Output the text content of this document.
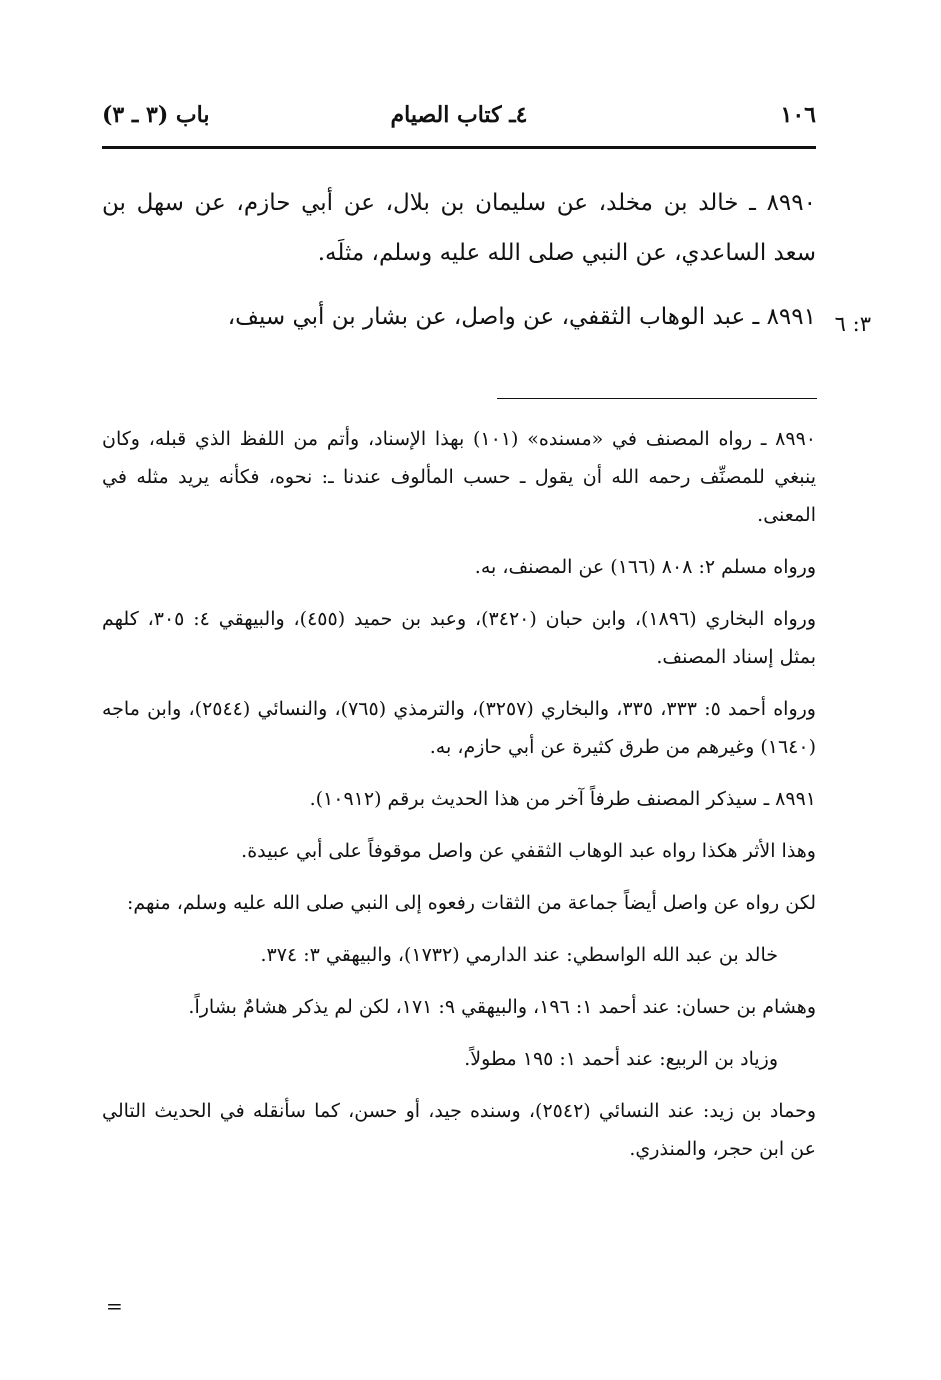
١٠٦
٤ـ كتاب الصيام
باب (٣ ـ ٣)

٨٩٩٠ ـ خالد بن مخلد، عن سليمان بن بلال، عن أبي حازم، عن سهل بن سعد الساعدي، عن النبي صلى الله عليه وسلم، مثلَه.

٨٩٩١ ـ عبد الوهاب الثقفي، عن واصل، عن بشار بن أبي سيف، ٣: ٦

٨٩٩٠ ـ رواه المصنف في «مسنده» (١٠١) بهذا الإسناد، وأتم من اللفظ الذي قبله، وكان ينبغي للمصنِّف رحمه الله أن يقول ـ حسب المألوف عندنا ـ: نحوه، فكأنه يريد مثله في المعنى.

ورواه مسلم ٢: ٨٠٨ (١٦٦) عن المصنف، به.

ورواه البخاري (١٨٩٦)، وابن حبان (٣٤٢٠)، وعبد بن حميد (٤٥٥)، والبيهقي ٤: ٣٠٥، كلهم بمثل إسناد المصنف.

ورواه أحمد ٥: ٣٣٣، ٣٣٥، والبخاري (٣٢٥٧)، والترمذي (٧٦٥)، والنسائي (٢٥٤٤)، وابن ماجه (١٦٤٠) وغيرهم من طرق كثيرة عن أبي حازم، به.

٨٩٩١ ـ سيذكر المصنف طرفاً آخر من هذا الحديث برقم (١٠٩١٢).

وهذا الأثر هكذا رواه عبد الوهاب الثقفي عن واصل موقوفاً على أبي عبيدة.

لكن رواه عن واصل أيضاً جماعة من الثقات رفعوه إلى النبي صلى الله عليه وسلم، منهم:

خالد بن عبد الله الواسطي: عند الدارمي (١٧٣٢)، والبيهقي ٣: ٣٧٤.

وهشام بن حسان: عند أحمد ١: ١٩٦، والبيهقي ٩: ١٧١، لكن لم يذكر هشامٌ بشاراً.

وزياد بن الربيع: عند أحمد ١: ١٩٥ مطولاً.

وحماد بن زيد: عند النسائي (٢٥٤٢)، وسنده جيد، أو حسن، كما سأنقله في الحديث التالي عن ابن حجر، والمنذري.

=
